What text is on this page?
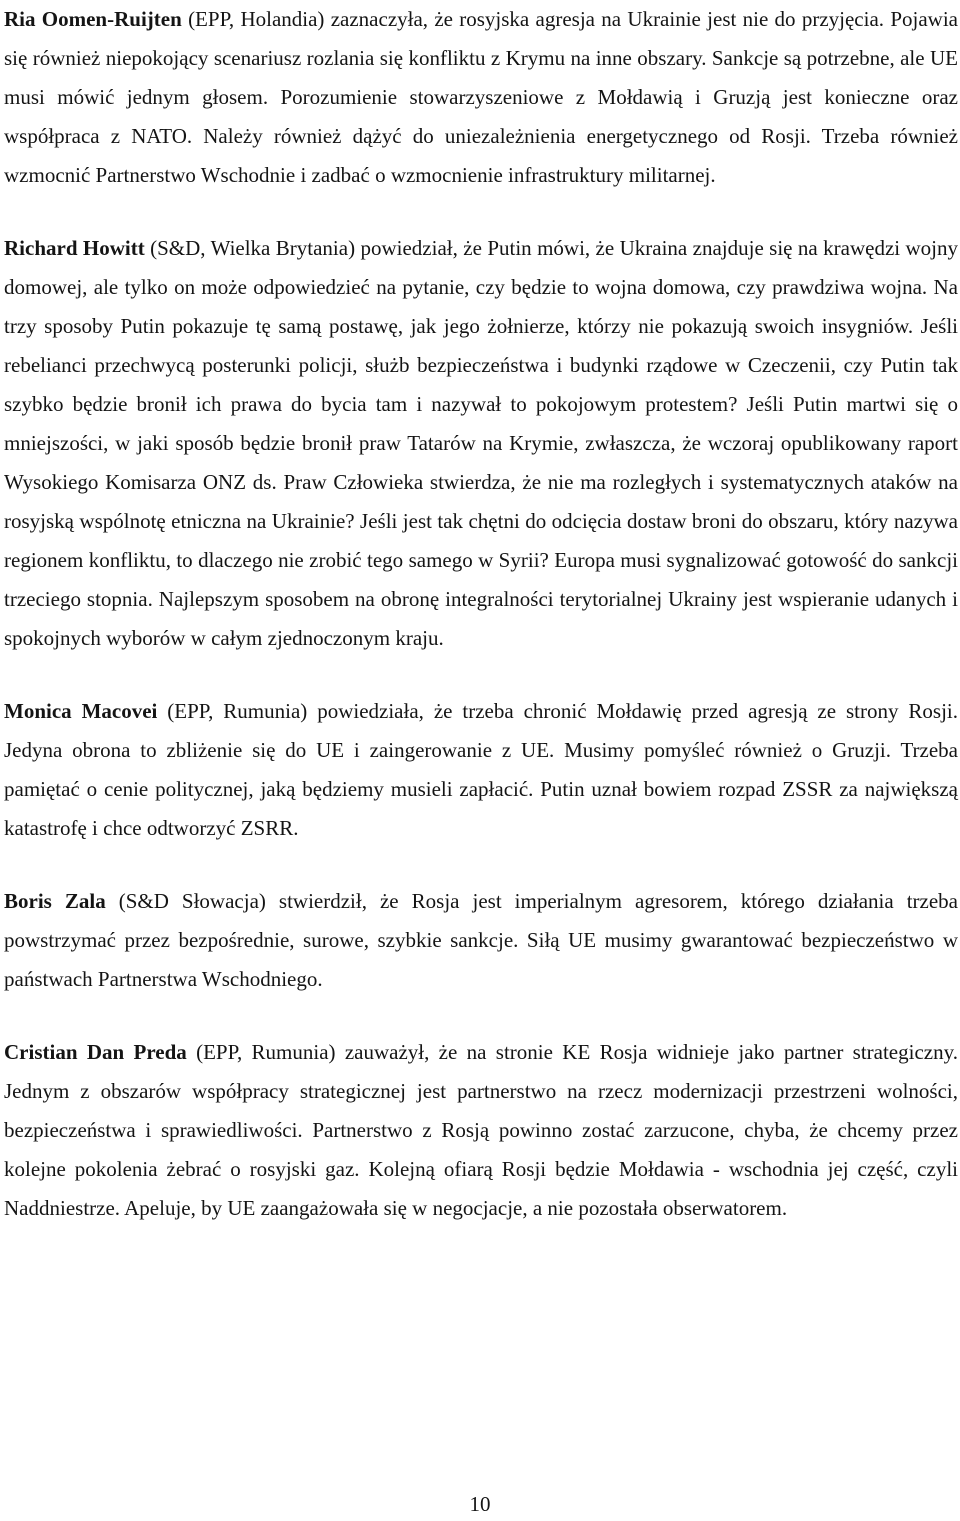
Ria Oomen-Ruijten (EPP, Holandia) zaznaczyła, że rosyjska agresja na Ukrainie jest nie do przyjęcia. Pojawia się również niepokojący scenariusz rozlania się konfliktu z Krymu na inne obszary. Sankcje są potrzebne, ale UE musi mówić jednym głosem. Porozumienie stowarzyszeniowe z Mołdawią i Gruzją jest konieczne oraz współpraca z NATO. Należy również dążyć do uniezależnienia energetycznego od Rosji. Trzeba również wzmocnić Partnerstwo Wschodnie i zadbać o wzmocnienie infrastruktury militarnej.

Richard Howitt (S&D, Wielka Brytania) powiedział, że Putin mówi, że Ukraina znajduje się na krawędzi wojny domowej, ale tylko on może odpowiedzieć na pytanie, czy będzie to wojna domowa, czy prawdziwa wojna. Na trzy sposoby Putin pokazuje tę samą postawę, jak jego żołnierze, którzy nie pokazują swoich insygniów. Jeśli rebelianci przechwycą posterunki policji, służb bezpieczeństwa i budynki rządowe w Czeczenii, czy Putin tak szybko będzie bronił ich prawa do bycia tam i nazywał to pokojowym protestem? Jeśli Putin martwi się o mniejszości, w jaki sposób będzie bronił praw Tatarów na Krymie, zwłaszcza, że wczoraj opublikowany raport Wysokiego Komisarza ONZ ds. Praw Człowieka stwierdza, że nie ma rozległych i systematycznych ataków na rosyjską wspólnotę etniczna na Ukrainie? Jeśli jest tak chętni do odcięcia dostaw broni do obszaru, który nazywa regionem konfliktu, to dlaczego nie zrobić tego samego w Syrii? Europa musi sygnalizować gotowość do sankcji trzeciego stopnia. Najlepszym sposobem na obronę integralności terytorialnej Ukrainy jest wspieranie udanych i spokojnych wyborów w całym zjednoczonym kraju.

Monica Macovei (EPP, Rumunia) powiedziała, że trzeba chronić Mołdawię przed agresją ze strony Rosji. Jedyna obrona to zbliżenie się do UE i zaingerowanie z UE. Musimy pomyśleć również o Gruzji. Trzeba pamiętać o cenie politycznej, jaką będziemy musieli zapłacić. Putin uznał bowiem rozpad ZSSR za największą katastrofę i chce odtworzyć ZSRR.

Boris Zala (S&D Słowacja) stwierdził, że Rosja jest imperialnym agresorem, którego działania trzeba powstrzymać przez bezpośrednie, surowe, szybkie sankcje. Siłą UE musimy gwarantować bezpieczeństwo w państwach Partnerstwa Wschodniego.

Cristian Dan Preda (EPP, Rumunia) zauważył, że na stronie KE Rosja widnieje jako partner strategiczny. Jednym z obszarów współpracy strategicznej jest partnerstwo na rzecz modernizacji przestrzeni wolności, bezpieczeństwa i sprawiedliwości. Partnerstwo z Rosją powinno zostać zarzucone, chyba, że chcemy przez kolejne pokolenia żebrać o rosyjski gaz. Kolejną ofiarą Rosji będzie Mołdawia - wschodnia jej część, czyli Naddniestrze. Apeluje, by UE zaangażowała się w negocjacje, a nie pozostała obserwatorem.

10
